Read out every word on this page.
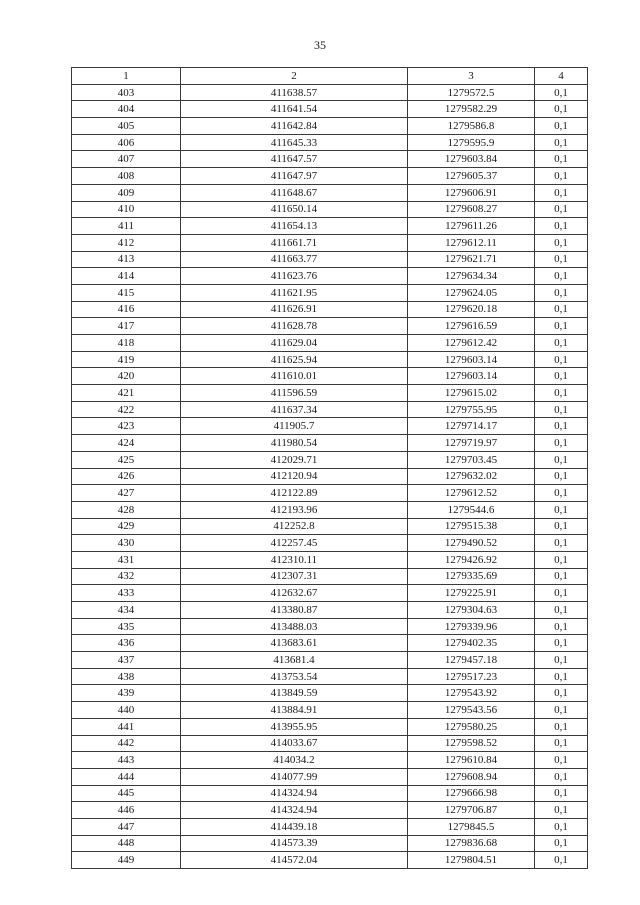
35
1	2	3	4
403	411638.57	1279572.5	0,1
404	411641.54	1279582.29	0,1
405	411642.84	1279586.8	0,1
406	411645.33	1279595.9	0,1
407	411647.57	1279603.84	0,1
408	411647.97	1279605.37	0,1
409	411648.67	1279606.91	0,1
410	411650.14	1279608.27	0,1
411	411654.13	1279611.26	0,1
412	411661.71	1279612.11	0,1
413	411663.77	1279621.71	0,1
414	411623.76	1279634.34	0,1
415	411621.95	1279624.05	0,1
416	411626.91	1279620.18	0,1
417	411628.78	1279616.59	0,1
418	411629.04	1279612.42	0,1
419	411625.94	1279603.14	0,1
420	411610.01	1279603.14	0,1
421	411596.59	1279615.02	0,1
422	411637.34	1279755.95	0,1
423	411905.7	1279714.17	0,1
424	411980.54	1279719.97	0,1
425	412029.71	1279703.45	0,1
426	412120.94	1279632.02	0,1
427	412122.89	1279612.52	0,1
428	412193.96	1279544.6	0,1
429	412252.8	1279515.38	0,1
430	412257.45	1279490.52	0,1
431	412310.11	1279426.92	0,1
432	412307.31	1279335.69	0,1
433	412632.67	1279225.91	0,1
434	413380.87	1279304.63	0,1
435	413488.03	1279339.96	0,1
436	413683.61	1279402.35	0,1
437	413681.4	1279457.18	0,1
438	413753.54	1279517.23	0,1
439	413849.59	1279543.92	0,1
440	413884.91	1279543.56	0,1
441	413955.95	1279580.25	0,1
442	414033.67	1279598.52	0,1
443	414034.2	1279610.84	0,1
444	414077.99	1279608.94	0,1
445	414324.94	1279666.98	0,1
446	414324.94	1279706.87	0,1
447	414439.18	1279845.5	0,1
448	414573.39	1279836.68	0,1
449	414572.04	1279804.51	0,1
